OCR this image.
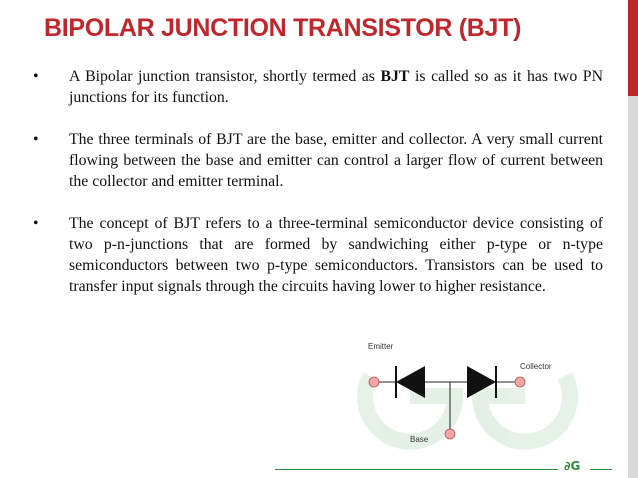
BIPOLAR JUNCTION TRANSISTOR (BJT)
• A Bipolar junction transistor, shortly termed as BJT is called so as it has two PN junctions for its function.
• The three terminals of BJT are the base, emitter and collector. A very small current flowing between the base and emitter can control a larger flow of current between the collector and emitter terminal.
• The concept of BJT refers to a three-terminal semiconductor device consisting of two p-n-junctions that are formed by sandwiching either p-type or n-type semiconductors between two p-type semiconductors. Transistors can be used to transfer input signals through the circuits having lower to higher resistance.
Emitter
Collector
Base
∂G
